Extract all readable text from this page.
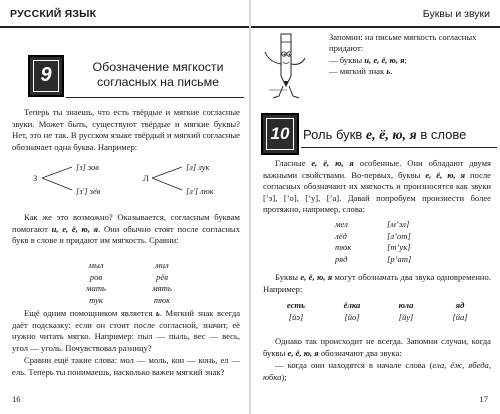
РУССКИЙ ЯЗЫК
9	Обозначение мягкости согласных на письме
Теперь ты знаешь, что есть твёрдые и мягкие согласные звуки. Может быть, существуют твёрдые и мягкие буквы? Нет, это не так. В русском языке твёрдый и мягкий согласные обозначает одна буква. Например:
З
[з] зов
[з'] зёв
Л
[л] лук
[л'] люк
Как же это возможно? Оказывается, согласным буквам помогают и, е, ё, ю, я. Они обычно стоят после согласных букв в слове и придают им мягкость. Сравни:
мыл
ров
мать
тук
мил
рёв
мять
тюк
Ещё одним помощником является ь. Мягкий знак всегда даёт подсказку: если он стоит после согласной, значит, её нужно читать мягко. Например: пыл — пыль, вес — весь, угол — уголь. Почувствовал разницу?
Сравни ещё такие слова: мол — моль, кон — конь, ел — ель. Теперь ты понимаешь, насколько важен мягкий знак?
16
Буквы и звуки
Запомни: на письме мягкость согласных придают:
— буквы и, е, ё, ю, я;
— мягкий знак ь.
10	Роль букв е, ё, ю, я в слове
Гласные е, ё, ю, я особенные. Они обладают двумя важными свойствами. Во-первых, буквы е, ё, ю, я после согласных обозначают их мягкость и произносятся как звуки [’э], [’о], [’у], [’а]. Давай попробуем произнести более протяжно, например, слова:
мел
лёд
тюк
ряд
[м’эл]
[л’от]
[т’ук]
[р’ат]
Буквы е, ё, ю, я могут обозначать два звука одновременно. Например:
есть
[йэ]
ёлка
[йо]
юла
[йу]
яд
[йа]
Однако так происходит не всегда. Запомни случаи, когда буквы е, ё, ю, я обозначают два звука:
— когда они находятся в начале слова (ела, ёж, ябеда, юбка);
17
